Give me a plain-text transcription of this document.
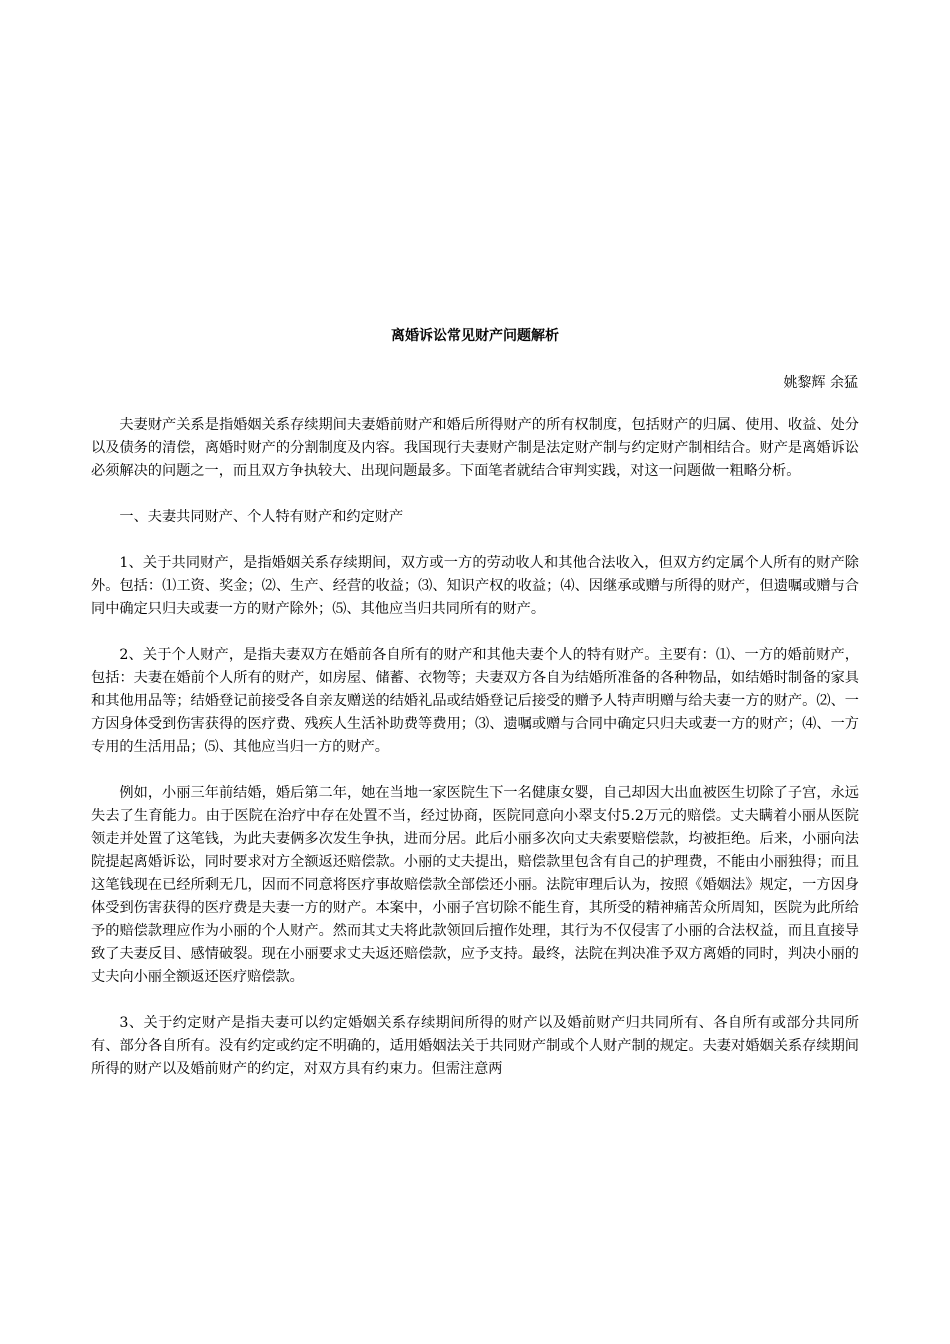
离婚诉讼常见财产问题解析
姚黎辉 余猛

夫妻财产关系是指婚姻关系存续期间夫妻婚前财产和婚后所得财产的所有权制度，包括财产的归属、使用、收益、处分以及债务的清偿，离婚时财产的分割制度及内容。我国现行夫妻财产制是法定财产制与约定财产制相结合。财产是离婚诉讼必须解决的问题之一，而且双方争执较大、出现问题最多。下面笔者就结合审判实践，对这一问题做一粗略分析。

一、夫妻共同财产、个人特有财产和约定财产

1、关于共同财产，是指婚姻关系存续期间，双方或一方的劳动收人和其他合法收入，但双方约定属个人所有的财产除外。包括：⑴工资、奖金；⑵、生产、经营的收益；⑶、知识产权的收益；⑷、因继承或赠与所得的财产，但遗嘱或赠与合同中确定只归夫或妻一方的财产除外；⑸、其他应当归共同所有的财产。

2、关于个人财产，是指夫妻双方在婚前各自所有的财产和其他夫妻个人的特有财产。主要有：⑴、一方的婚前财产，包括：夫妻在婚前个人所有的财产，如房屋、储蓄、衣物等；夫妻双方各自为结婚所准备的各种物品，如结婚时制备的家具和其他用品等；结婚登记前接受各自亲友赠送的结婚礼品或结婚登记后接受的赠予人特声明赠与给夫妻一方的财产。⑵、一方因身体受到伤害获得的医疗费、残疾人生活补助费等费用；⑶、遗嘱或赠与合同中确定只归夫或妻一方的财产；⑷、一方专用的生活用品；⑸、其他应当归一方的财产。

例如，小丽三年前结婚，婚后第二年，她在当地一家医院生下一名健康女婴，自己却因大出血被医生切除了子宫，永远失去了生育能力。由于医院在治疗中存在处置不当，经过协商，医院同意向小翠支付5.2万元的赔偿。丈夫瞒着小丽从医院领走并处置了这笔钱，为此夫妻俩多次发生争执，进而分居。此后小丽多次向丈夫索要赔偿款，均被拒绝。后来，小丽向法院提起离婚诉讼，同时要求对方全额返还赔偿款。小丽的丈夫提出，赔偿款里包含有自己的护理费，不能由小丽独得；而且这笔钱现在已经所剩无几，因而不同意将医疗事故赔偿款全部偿还小丽。法院审理后认为，按照《婚姻法》规定，一方因身体受到伤害获得的医疗费是夫妻一方的财产。本案中，小丽子宫切除不能生育，其所受的精神痛苦众所周知，医院为此所给予的赔偿款理应作为小丽的个人财产。然而其丈夫将此款领回后擅作处理，其行为不仅侵害了小丽的合法权益，而且直接导致了夫妻反目、感情破裂。现在小丽要求丈夫返还赔偿款，应予支持。最终，法院在判决准予双方离婚的同时，判决小丽的丈夫向小丽全额返还医疗赔偿款。

3、关于约定财产是指夫妻可以约定婚姻关系存续期间所得的财产以及婚前财产归共同所有、各自所有或部分共同所有、部分各自所有。没有约定或约定不明确的，适用婚姻法关于共同财产制或个人财产制的规定。夫妻对婚姻关系存续期间所得的财产以及婚前财产的约定，对双方具有约束力。但需注意两
